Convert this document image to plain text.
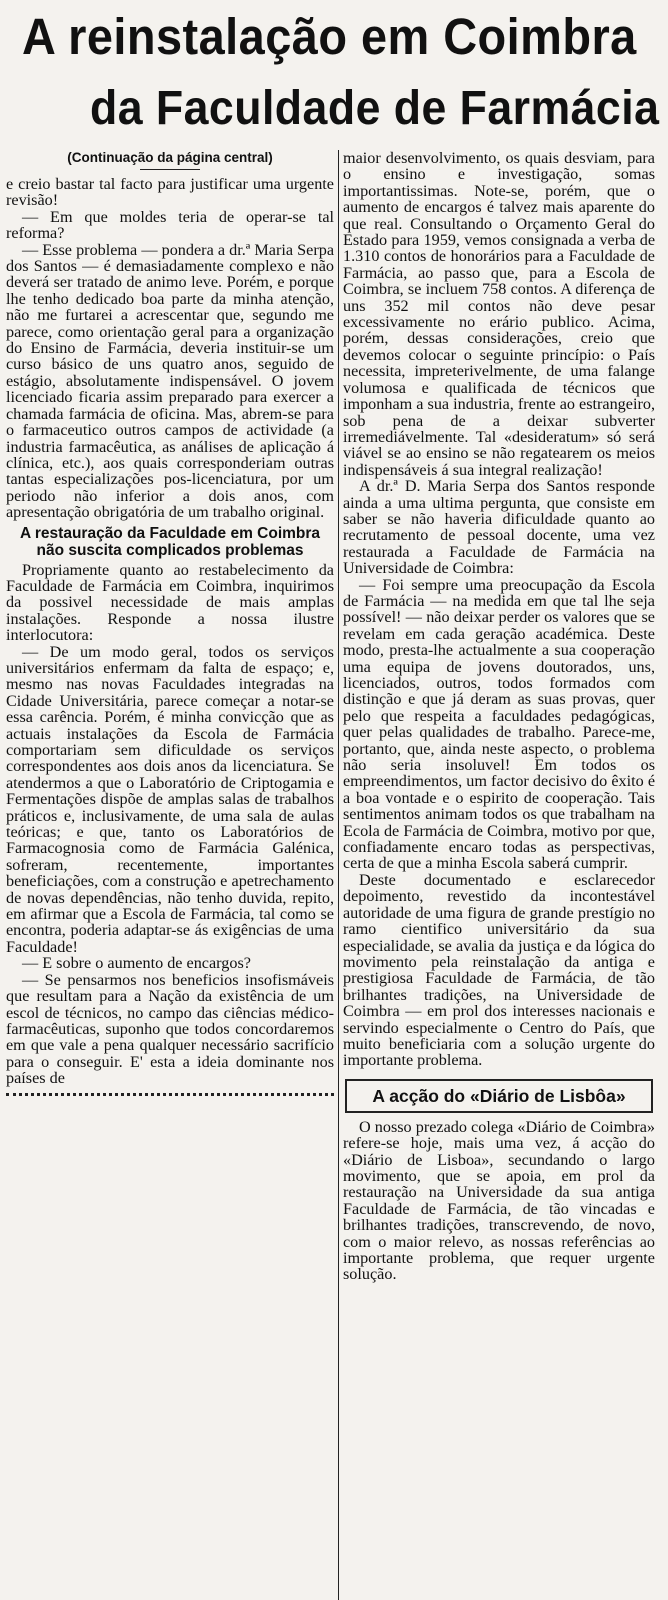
A reinstalação em Coimbra
da Faculdade de Farmácia
(Continuação da página central)

e creio bastar tal facto para justificar uma urgente revisão!

— Em que moldes teria de operar-se tal reforma?

— Esse problema — pondera a dr.ª Maria Serpa dos Santos — é demasiadamente complexo e não deverá ser tratado de animo leve. Porém, e porque lhe tenho dedicado boa parte da minha atenção, não me furtarei a acrescentar que, segundo me parece, como orientação geral para a organização do Ensino de Farmácia, deveria instituir-se um curso básico de uns quatro anos, seguido de estágio, absolutamente indispensável. O jovem licenciado ficaria assim preparado para exercer a chamada farmácia de oficina. Mas, abrem-se para o farmaceutico outros campos de actividade (a industria farmacêutica, as análises de aplicação á clínica, etc.), aos quais corresponderiam outras tantas especializações pos-licenciatura, por um periodo não inferior a dois anos, com apresentação obrigatória de um trabalho original.

A restauração da Faculdade em Coimbra não suscita complicados problemas

Propriamente quanto ao restabelecimento da Faculdade de Farmácia em Coimbra, inquirimos da possivel necessidade de mais amplas instalações. Responde a nossa ilustre interlocutora:

— De um modo geral, todos os serviços universitários enfermam da falta de espaço; e, mesmo nas novas Faculdades integradas na Cidade Universitária, parece começar a notar-se essa carência. Porém, é minha convicção que as actuais instalações da Escola de Farmácia comportariam sem dificuldade os serviços correspondentes aos dois anos da licenciatura. Se atendermos a que o Laboratório de Criptogamia e Fermentações dispõe de amplas salas de trabalhos práticos e, inclusivamente, de uma sala de aulas teóricas; e que, tanto os Laboratórios de Farmacognosia como de Farmácia Galénica, sofreram, recentemente, importantes beneficiações, com a construção e apetrechamento de novas dependências, não tenho duvida, repito, em afirmar que a Escola de Farmácia, tal como se encontra, poderia adaptar-se ás exigências de uma Faculdade!

— E sobre o aumento de encargos?

— Se pensarmos nos beneficios insofismáveis que resultam para a Nação da existência de um escol de técnicos, no campo das ciências médico-farmacêuticas, suponho que todos concordaremos em que vale a pena qualquer necessário sacrifício para o conseguir. E' esta a ideia dominante nos países de

maior desenvolvimento, os quais desviam, para o ensino e investigação, somas importantissimas. Note-se, porém, que o aumento de encargos é talvez mais aparente do que real. Consultando o Orçamento Geral do Estado para 1959, vemos consignada a verba de 1.310 contos de honorários para a Faculdade de Farmácia, ao passo que, para a Escola de Coimbra, se incluem 758 contos. A diferença de uns 352 mil contos não deve pesar excessivamente no erário publico. Acima, porém, dessas considerações, creio que devemos colocar o seguinte princípio: o País necessita, impreterivelmente, de uma falange volumosa e qualificada de técnicos que imponham a sua industria, frente ao estrangeiro, sob pena de a deixar subverter irremediávelmente. Tal «desideratum» só será viável se ao ensino se não regatearem os meios indispensáveis á sua integral realização!

A dr.ª D. Maria Serpa dos Santos responde ainda a uma ultima pergunta, que consiste em saber se não haveria dificuldade quanto ao recrutamento de pessoal docente, uma vez restaurada a Faculdade de Farmácia na Universidade de Coimbra:

— Foi sempre uma preocupação da Escola de Farmácia — na medida em que tal lhe seja possível! — não deixar perder os valores que se revelam em cada geração académica. Deste modo, presta-lhe actualmente a sua cooperação uma equipa de jovens doutorados, uns, licenciados, outros, todos formados com distinção e que já deram as suas provas, quer pelo que respeita a faculdades pedagógicas, quer pelas qualidades de trabalho. Parece-me, portanto, que, ainda neste aspecto, o problema não seria insoluvel! Em todos os empreendimentos, um factor decisivo do êxito é a boa vontade e o espirito de cooperação. Tais sentimentos animam todos os que trabalham na Ecola de Farmácia de Coimbra, motivo por que, confiadamente encaro todas as perspectivas, certa de que a minha Escola saberá cumprir.

Deste documentado e esclarecedor depoimento, revestido da incontestável autoridade de uma figura de grande prestígio no ramo cientifico universitário da sua especialidade, se avalia da justiça e da lógica do movimento pela reinstalação da antiga e prestigiosa Faculdade de Farmácia, de tão brilhantes tradições, na Universidade de Coimbra — em prol dos interesses nacionais e servindo especialmente o Centro do País, que muito beneficiaria com a solução urgente do importante problema.

A acção do «Diário de Lisbôa»

O nosso prezado colega «Diário de Coimbra» refere-se hoje, mais uma vez, á acção do «Diário de Lisboa», secundando o largo movimento, que se apoia, em prol da restauração na Universidade da sua antiga Faculdade de Farmácia, de tão vincadas e brilhantes tradições, transcrevendo, de novo, com o maior relevo, as nossas referências ao importante problema, que requer urgente solução.
